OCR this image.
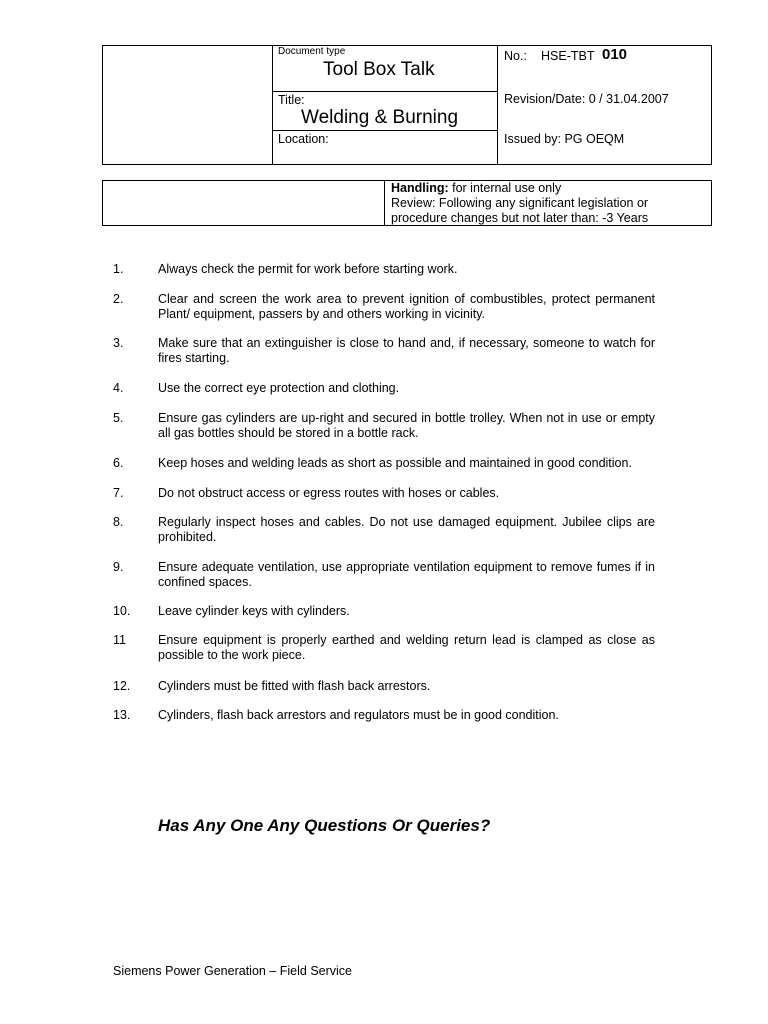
Document type
Tool Box Talk
No.: HSE-TBT 010
Title:
Welding & Burning
Revision/Date: 0 / 31.04.2007
Location:	Issued by: PG OEQM
Handling: for internal use only
Review: Following any significant legislation or
procedure changes but not later than: -3 Years
1.	Always check the permit for work before starting work.
2.	Clear and screen the work area to prevent ignition of combustibles, protect permanent Plant/ equipment, passers by and others working in vicinity.
3.	Make sure that an extinguisher is close to hand and, if necessary, someone to watch for fires starting.
4.	Use the correct eye protection and clothing.
5.	Ensure gas cylinders are up-right and secured in bottle trolley. When not in use or empty all gas bottles should be stored in a bottle rack.
6.	Keep hoses and welding leads as short as possible and maintained in good condition.
7.	Do not obstruct access or egress routes with hoses or cables.
8.	Regularly inspect hoses and cables. Do not use damaged equipment. Jubilee clips are prohibited.
9.	Ensure adequate ventilation, use appropriate ventilation equipment to remove fumes if in confined spaces.
10. Leave cylinder keys with cylinders.
11	Ensure equipment is properly earthed and welding return lead is clamped as close as possible to the work piece.
12. Cylinders must be fitted with flash back arrestors.
13. Cylinders, flash back arrestors and regulators must be in good condition.
Has Any One Any Questions Or Queries?
Siemens Power Generation – Field Service
